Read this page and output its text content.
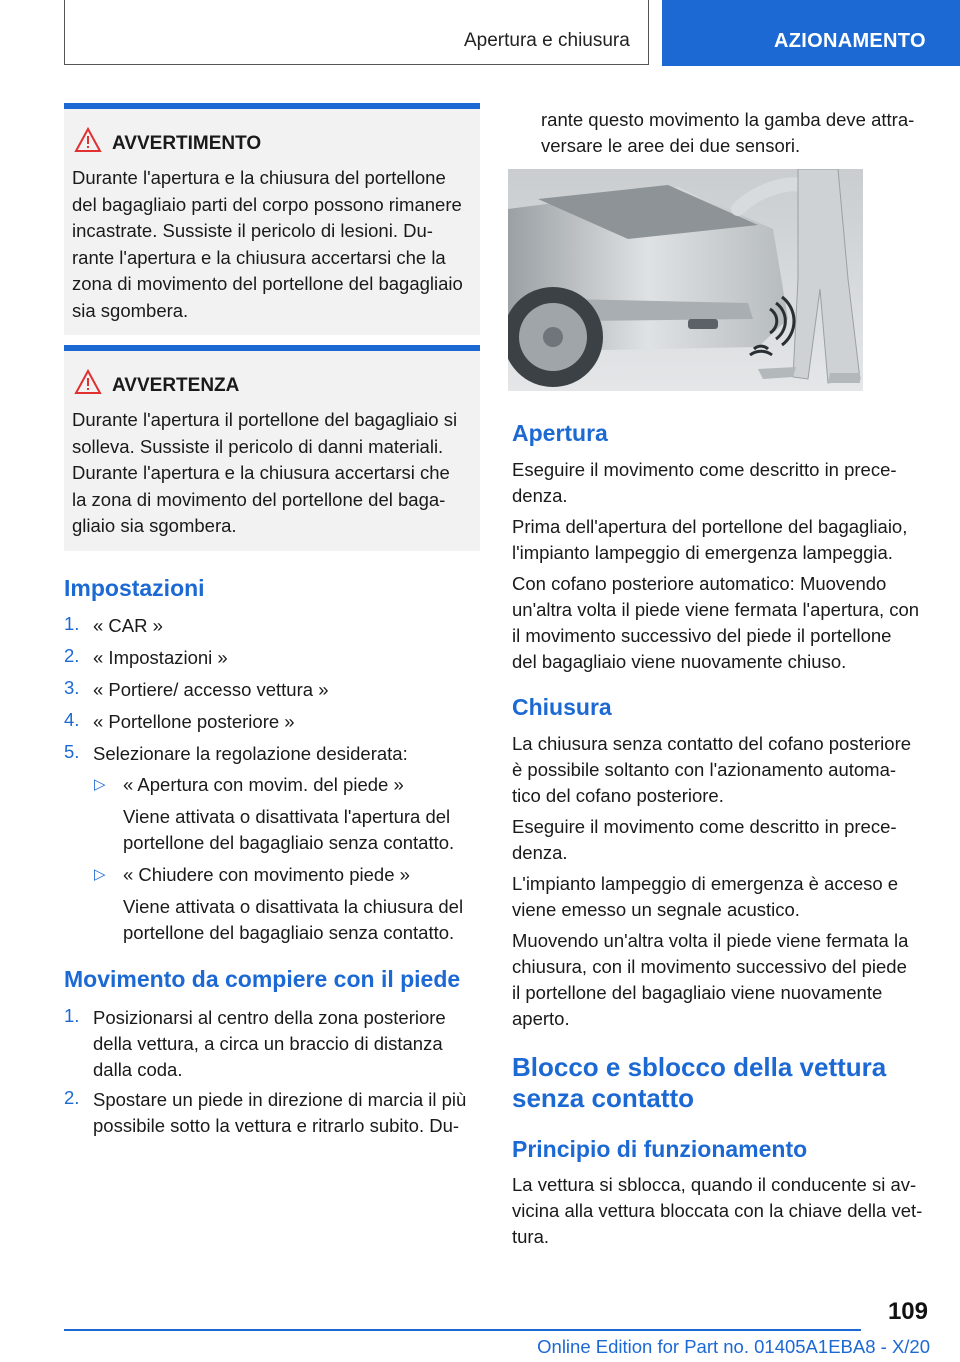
Apertura e chiusura	AZIONAMENTO
AVVERTIMENTO
Durante l'apertura e la chiusura del portellone
del bagagliaio parti del corpo possono rimanere
incastrate. Sussiste il pericolo di lesioni. Du‐
rante l'apertura e la chiusura accertarsi che la
zona di movimento del portellone del bagagliaio
sia sgombera.
AVVERTENZA
Durante l'apertura il portellone del bagagliaio si
solleva. Sussiste il pericolo di danni materiali.
Durante l'apertura e la chiusura accertarsi che
la zona di movimento del portellone del baga‐
gliaio sia sgombera.
Impostazioni
1. « CAR »
2. « Impostazioni »
3. « Portiere/ accesso vettura »
4. « Portellone posteriore »
5. Selezionare la regolazione desiderata:
▷ « Apertura con movim. del piede »
Viene attivata o disattivata l'apertura del
portellone del bagagliaio senza contatto.
▷ « Chiudere con movimento piede »
Viene attivata o disattivata la chiusura del
portellone del bagagliaio senza contatto.
Movimento da compiere con il piede
1. Posizionarsi al centro della zona posteriore
della vettura, a circa un braccio di distanza
dalla coda.
2. Spostare un piede in direzione di marcia il più
possibile sotto la vettura e ritrarlo subito. Du‐
rante questo movimento la gamba deve attra‐
versare le aree dei due sensori.
Apertura
Eseguire il movimento come descritto in prece‐
denza.
Prima dell'apertura del portellone del bagagliaio,
l'impianto lampeggio di emergenza lampeggia.
Con cofano posteriore automatico: Muovendo
un'altra volta il piede viene fermata l'apertura, con
il movimento successivo del piede il portellone
del bagagliaio viene nuovamente chiuso.
Chiusura
La chiusura senza contatto del cofano posteriore
è possibile soltanto con l'azionamento automa‐
tico del cofano posteriore.
Eseguire il movimento come descritto in prece‐
denza.
L'impianto lampeggio di emergenza è acceso e
viene emesso un segnale acustico.
Muovendo un'altra volta il piede viene fermata la
chiusura, con il movimento successivo del piede
il portellone del bagagliaio viene nuovamente
aperto.
Blocco e sblocco della vettura
senza contatto
Principio di funzionamento
La vettura si sblocca, quando il conducente si av‐
vicina alla vettura bloccata con la chiave della vet‐
tura.
109
Online Edition for Part no. 01405A1EBA8 - X/20
